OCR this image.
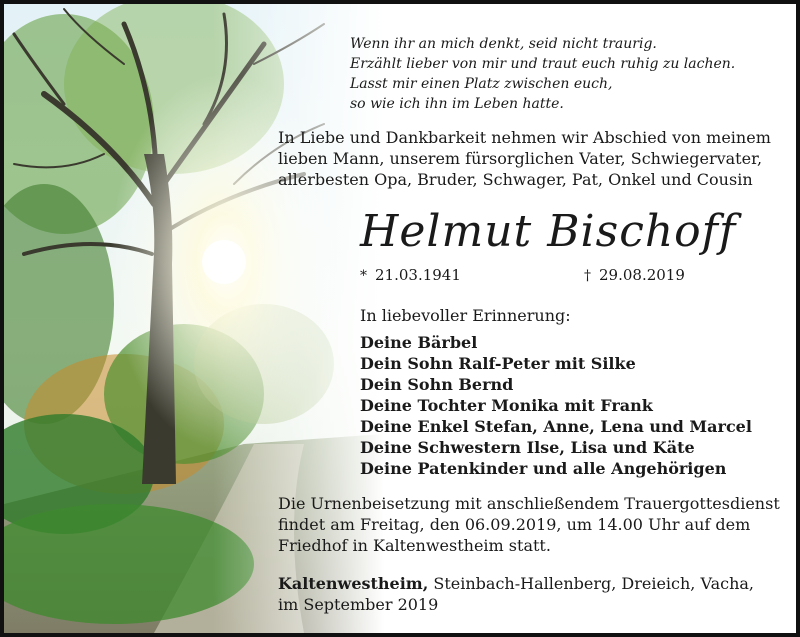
Wenn ihr an mich denkt, seid nicht traurig.
Erzählt lieber von mir und traut euch ruhig zu lachen.
Lasst mir einen Platz zwischen euch,
so wie ich ihn im Leben hatte.
In Liebe und Dankbarkeit nehmen wir Abschied von meinem
lieben Mann, unserem fürsorglichen Vater, Schwiegervater,
allerbesten Opa, Bruder, Schwager, Pat, Onkel und Cousin
Helmut Bischoff
* 21.03.1941	† 29.08.2019
In liebevoller Erinnerung:
Deine Bärbel
Dein Sohn Ralf-Peter mit Silke
Dein Sohn Bernd
Deine Tochter Monika mit Frank
Deine Enkel Stefan, Anne, Lena und Marcel
Deine Schwestern Ilse, Lisa und Käte
Deine Patenkinder und alle Angehörigen
Die Urnenbeisetzung mit anschließendem Trauergottesdienst
findet am Freitag, den 06.09.2019, um 14.00 Uhr auf dem
Friedhof in Kaltenwestheim statt.
Kaltenwestheim, Steinbach-Hallenberg, Dreieich, Vacha,
im September 2019
